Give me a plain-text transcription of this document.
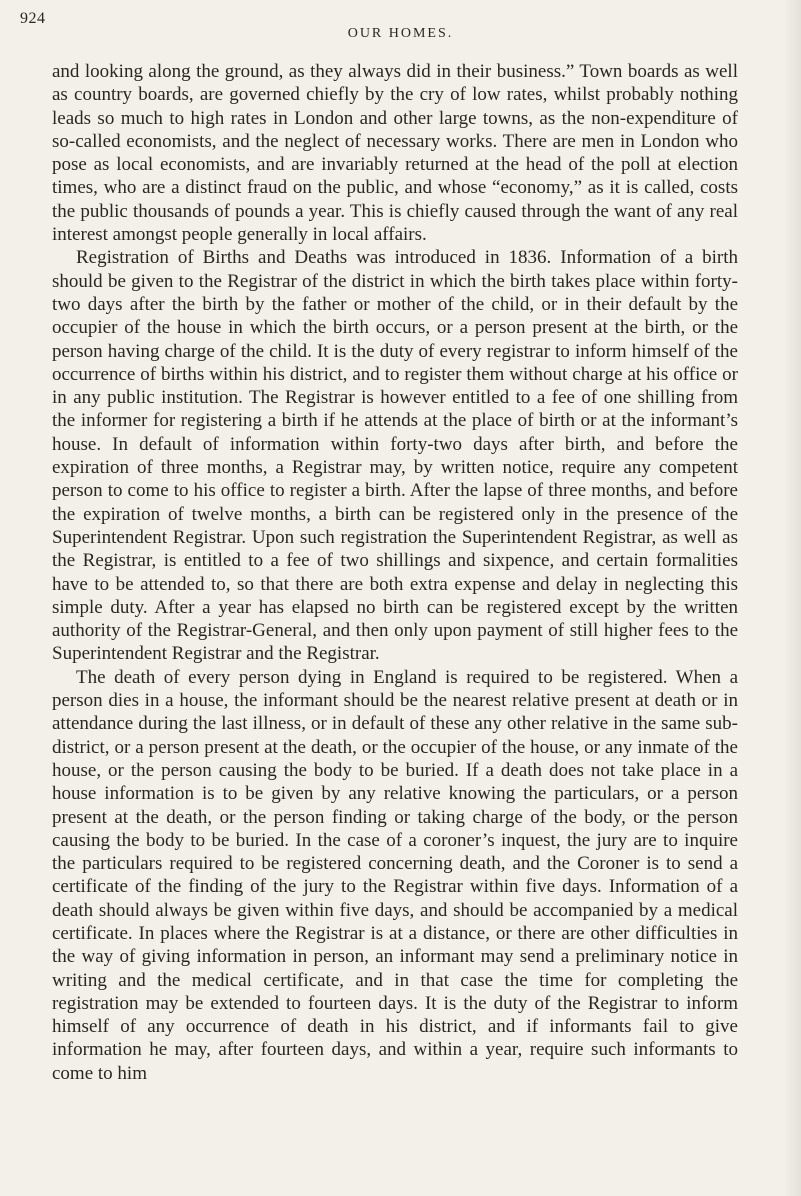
924
OUR HOMES.

and looking along the ground, as they always did in their business.” Town boards as well as country boards, are governed chiefly by the cry of low rates, whilst probably nothing leads so much to high rates in London and other large towns, as the non-expenditure of so-called economists, and the neglect of necessary works. There are men in London who pose as local economists, and are invariably returned at the head of the poll at election times, who are a distinct fraud on the public, and whose “economy,” as it is called, costs the public thousands of pounds a year. This is chiefly caused through the want of any real interest amongst people generally in local affairs.

Registration of Births and Deaths was introduced in 1836. Information of a birth should be given to the Registrar of the district in which the birth takes place within forty-two days after the birth by the father or mother of the child, or in their default by the occupier of the house in which the birth occurs, or a person present at the birth, or the person having charge of the child. It is the duty of every registrar to inform himself of the occurrence of births within his district, and to register them without charge at his office or in any public institution. The Registrar is however entitled to a fee of one shilling from the informer for registering a birth if he attends at the place of birth or at the informant’s house. In default of information within forty-two days after birth, and before the expiration of three months, a Registrar may, by written notice, require any competent person to come to his office to register a birth. After the lapse of three months, and before the expiration of twelve months, a birth can be registered only in the presence of the Superintendent Registrar. Upon such registration the Superintendent Registrar, as well as the Registrar, is entitled to a fee of two shillings and sixpence, and certain formalities have to be attended to, so that there are both extra expense and delay in neglecting this simple duty. After a year has elapsed no birth can be registered except by the written authority of the Registrar-General, and then only upon payment of still higher fees to the Superintendent Registrar and the Registrar.

The death of every person dying in England is required to be registered. When a person dies in a house, the informant should be the nearest relative present at death or in attendance during the last illness, or in default of these any other relative in the same sub-district, or a person present at the death, or the occupier of the house, or any inmate of the house, or the person causing the body to be buried. If a death does not take place in a house information is to be given by any relative knowing the particulars, or a person present at the death, or the person finding or taking charge of the body, or the person causing the body to be buried. In the case of a coroner’s inquest, the jury are to inquire the particulars required to be registered concerning death, and the Coroner is to send a certificate of the finding of the jury to the Registrar within five days. Information of a death should always be given within five days, and should be accompanied by a medical certificate. In places where the Registrar is at a distance, or there are other difficulties in the way of giving information in person, an informant may send a preliminary notice in writing and the medical certificate, and in that case the time for completing the registration may be extended to fourteen days. It is the duty of the Registrar to inform himself of any occurrence of death in his district, and if informants fail to give information he may, after fourteen days, and within a year, require such informants to come to him
